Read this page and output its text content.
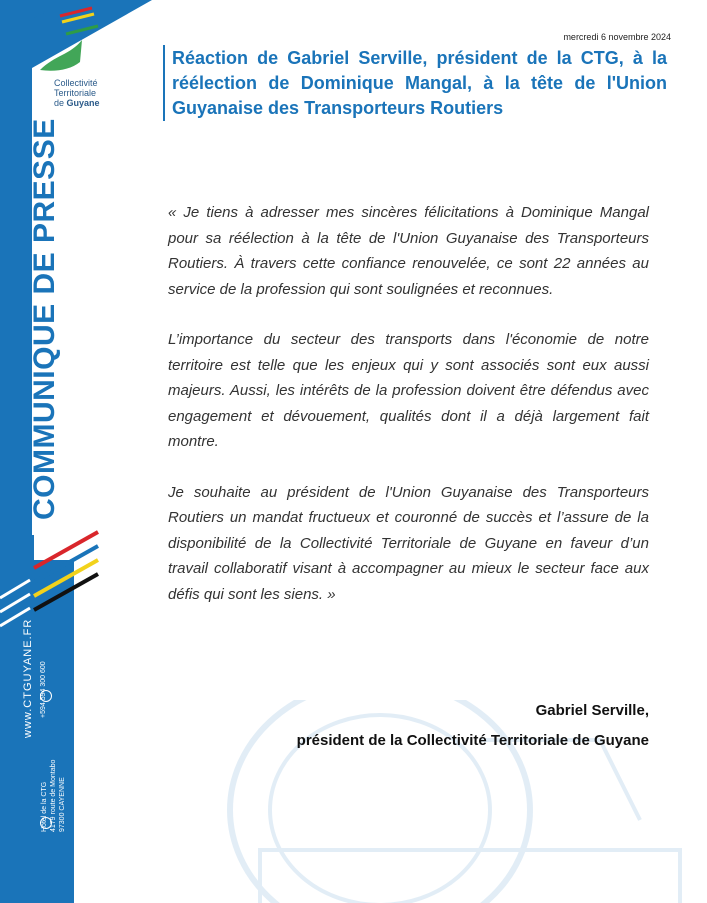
Collectivité
Territoriale
de Guyane
COMMUNIQUÉ DE PRESSE
www.CTGUYANE.FR +594 594 300 600
Hôtel de la CTG 4179 route de Montabo 97300 CAYENNE
mercredi 6 novembre 2024
Réaction de Gabriel Serville, président de la CTG, à la réélection de Dominique Mangal, à la tête de l'Union Guyanaise des Transporteurs Routiers

« Je tiens à adresser mes sincères félicitations à Dominique Mangal pour sa réélection à la tête de l'Union Guyanaise des Transporteurs Routiers. À travers cette confiance renouvelée, ce sont 22 années au service de la profession qui sont soulignées et reconnues.

L’importance du secteur des transports dans l'économie de notre territoire est telle que les enjeux qui y sont associés sont eux aussi majeurs. Aussi, les intérêts de la profession doivent être défendus avec engagement et dévouement, qualités dont il a déjà largement fait montre.

Je souhaite au président de l'Union Guyanaise des Transporteurs Routiers un mandat fructueux et couronné de succès et l’assure de la disponibilité de la Collectivité Territoriale de Guyane en faveur d’un travail collaboratif visant à accompagner au mieux le secteur face aux défis qui sont les siens. »

Gabriel Serville,
président de la Collectivité Territoriale de Guyane
